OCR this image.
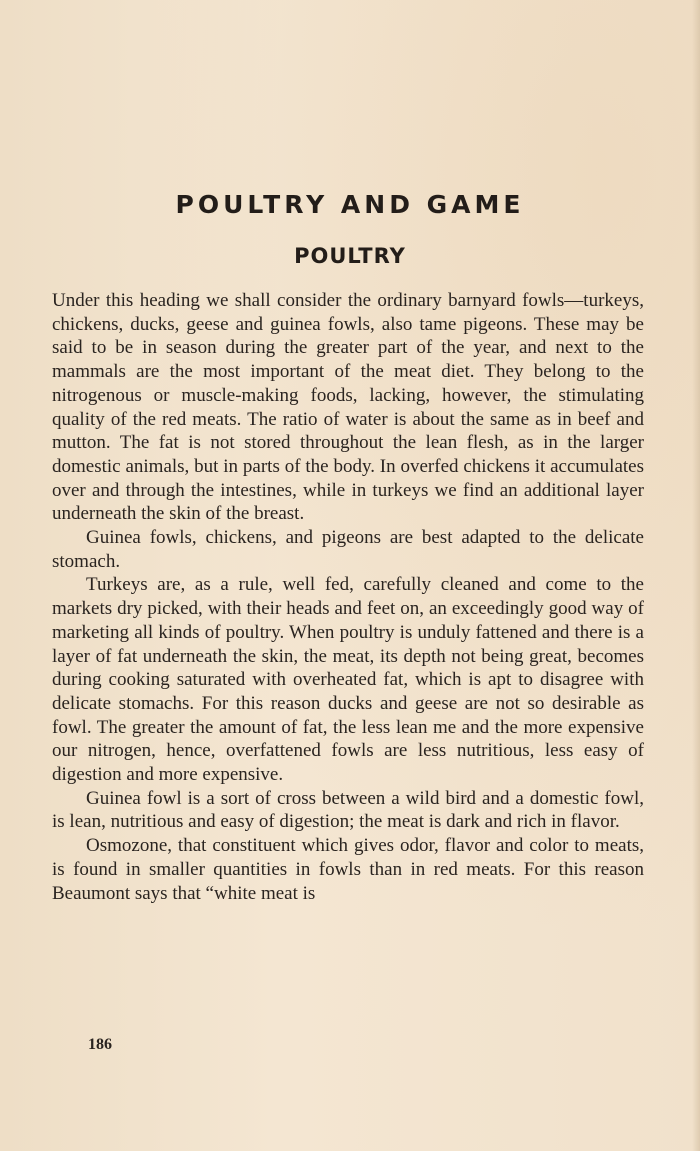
POULTRY AND GAME
POULTRY

Under this heading we shall consider the ordinary barnyard fowls—turkeys, chickens, ducks, geese and guinea fowls, also tame pigeons. These may be said to be in season during the greater part of the year, and next to the mammals are the most important of the meat diet. They belong to the nitrogenous or muscle-making foods, lacking, however, the stimulating quality of the red meats. The ratio of water is about the same as in beef and mutton. The fat is not stored throughout the lean flesh, as in the larger domestic animals, but in parts of the body. In overfed chickens it accumulates over and through the intestines, while in turkeys we find an additional layer underneath the skin of the breast.

Guinea fowls, chickens, and pigeons are best adapted to the delicate stomach.

Turkeys are, as a rule, well fed, carefully cleaned and come to the markets dry picked, with their heads and feet on, an exceedingly good way of marketing all kinds of poultry. When poultry is unduly fattened and there is a layer of fat underneath the skin, the meat, its depth not being great, becomes during cooking saturated with overheated fat, which is apt to disagree with delicate stomachs. For this reason ducks and geese are not so desirable as fowl. The greater the amount of fat, the less lean me and the more expensive our nitrogen, hence, overfattened fowls are less nutritious, less easy of digestion and more expensive.

Guinea fowl is a sort of cross between a wild bird and a domestic fowl, is lean, nutritious and easy of digestion; the meat is dark and rich in flavor.

Osmozone, that constituent which gives odor, flavor and color to meats, is found in smaller quantities in fowls than in red meats. For this reason Beaumont says that “white meat is

186
